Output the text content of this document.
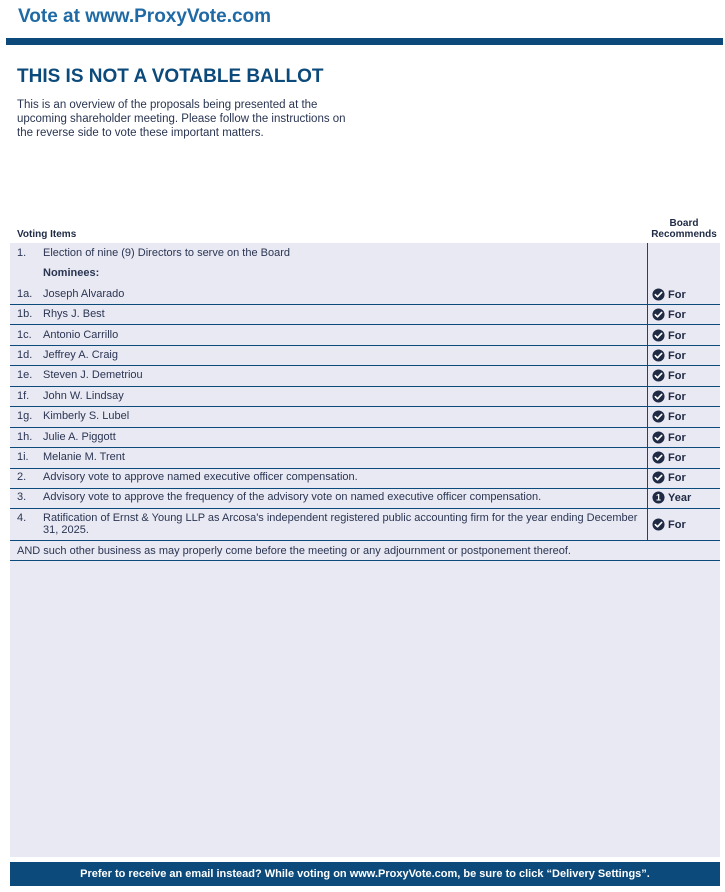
Vote at www.ProxyVote.com
THIS IS NOT A VOTABLE BALLOT
This is an overview of the proposals being presented at the upcoming shareholder meeting. Please follow the instructions on the reverse side to vote these important matters.
Voting Items
Board
Recommends
1. Election of nine (9) Directors to serve on the Board
Nominees:
1a. Joseph Alvarado	For
1b. Rhys J. Best	For
1c. Antonio Carrillo	For
1d. Jeffrey A. Craig	For
1e. Steven J. Demetriou	For
1f. John W. Lindsay	For
1g. Kimberly S. Lubel	For
1h. Julie A. Piggott	For
1i. Melanie M. Trent	For
2. Advisory vote to approve named executive officer compensation.	For
3. Advisory vote to approve the frequency of the advisory vote on named executive officer compensation.	1 Year
4. Ratification of Ernst & Young LLP as Arcosa's independent registered public accounting firm for the year ending December 31, 2025.	For
AND such other business as may properly come before the meeting or any adjournment or postponement thereof.
Prefer to receive an email instead? While voting on www.ProxyVote.com, be sure to click “Delivery Settings”.
